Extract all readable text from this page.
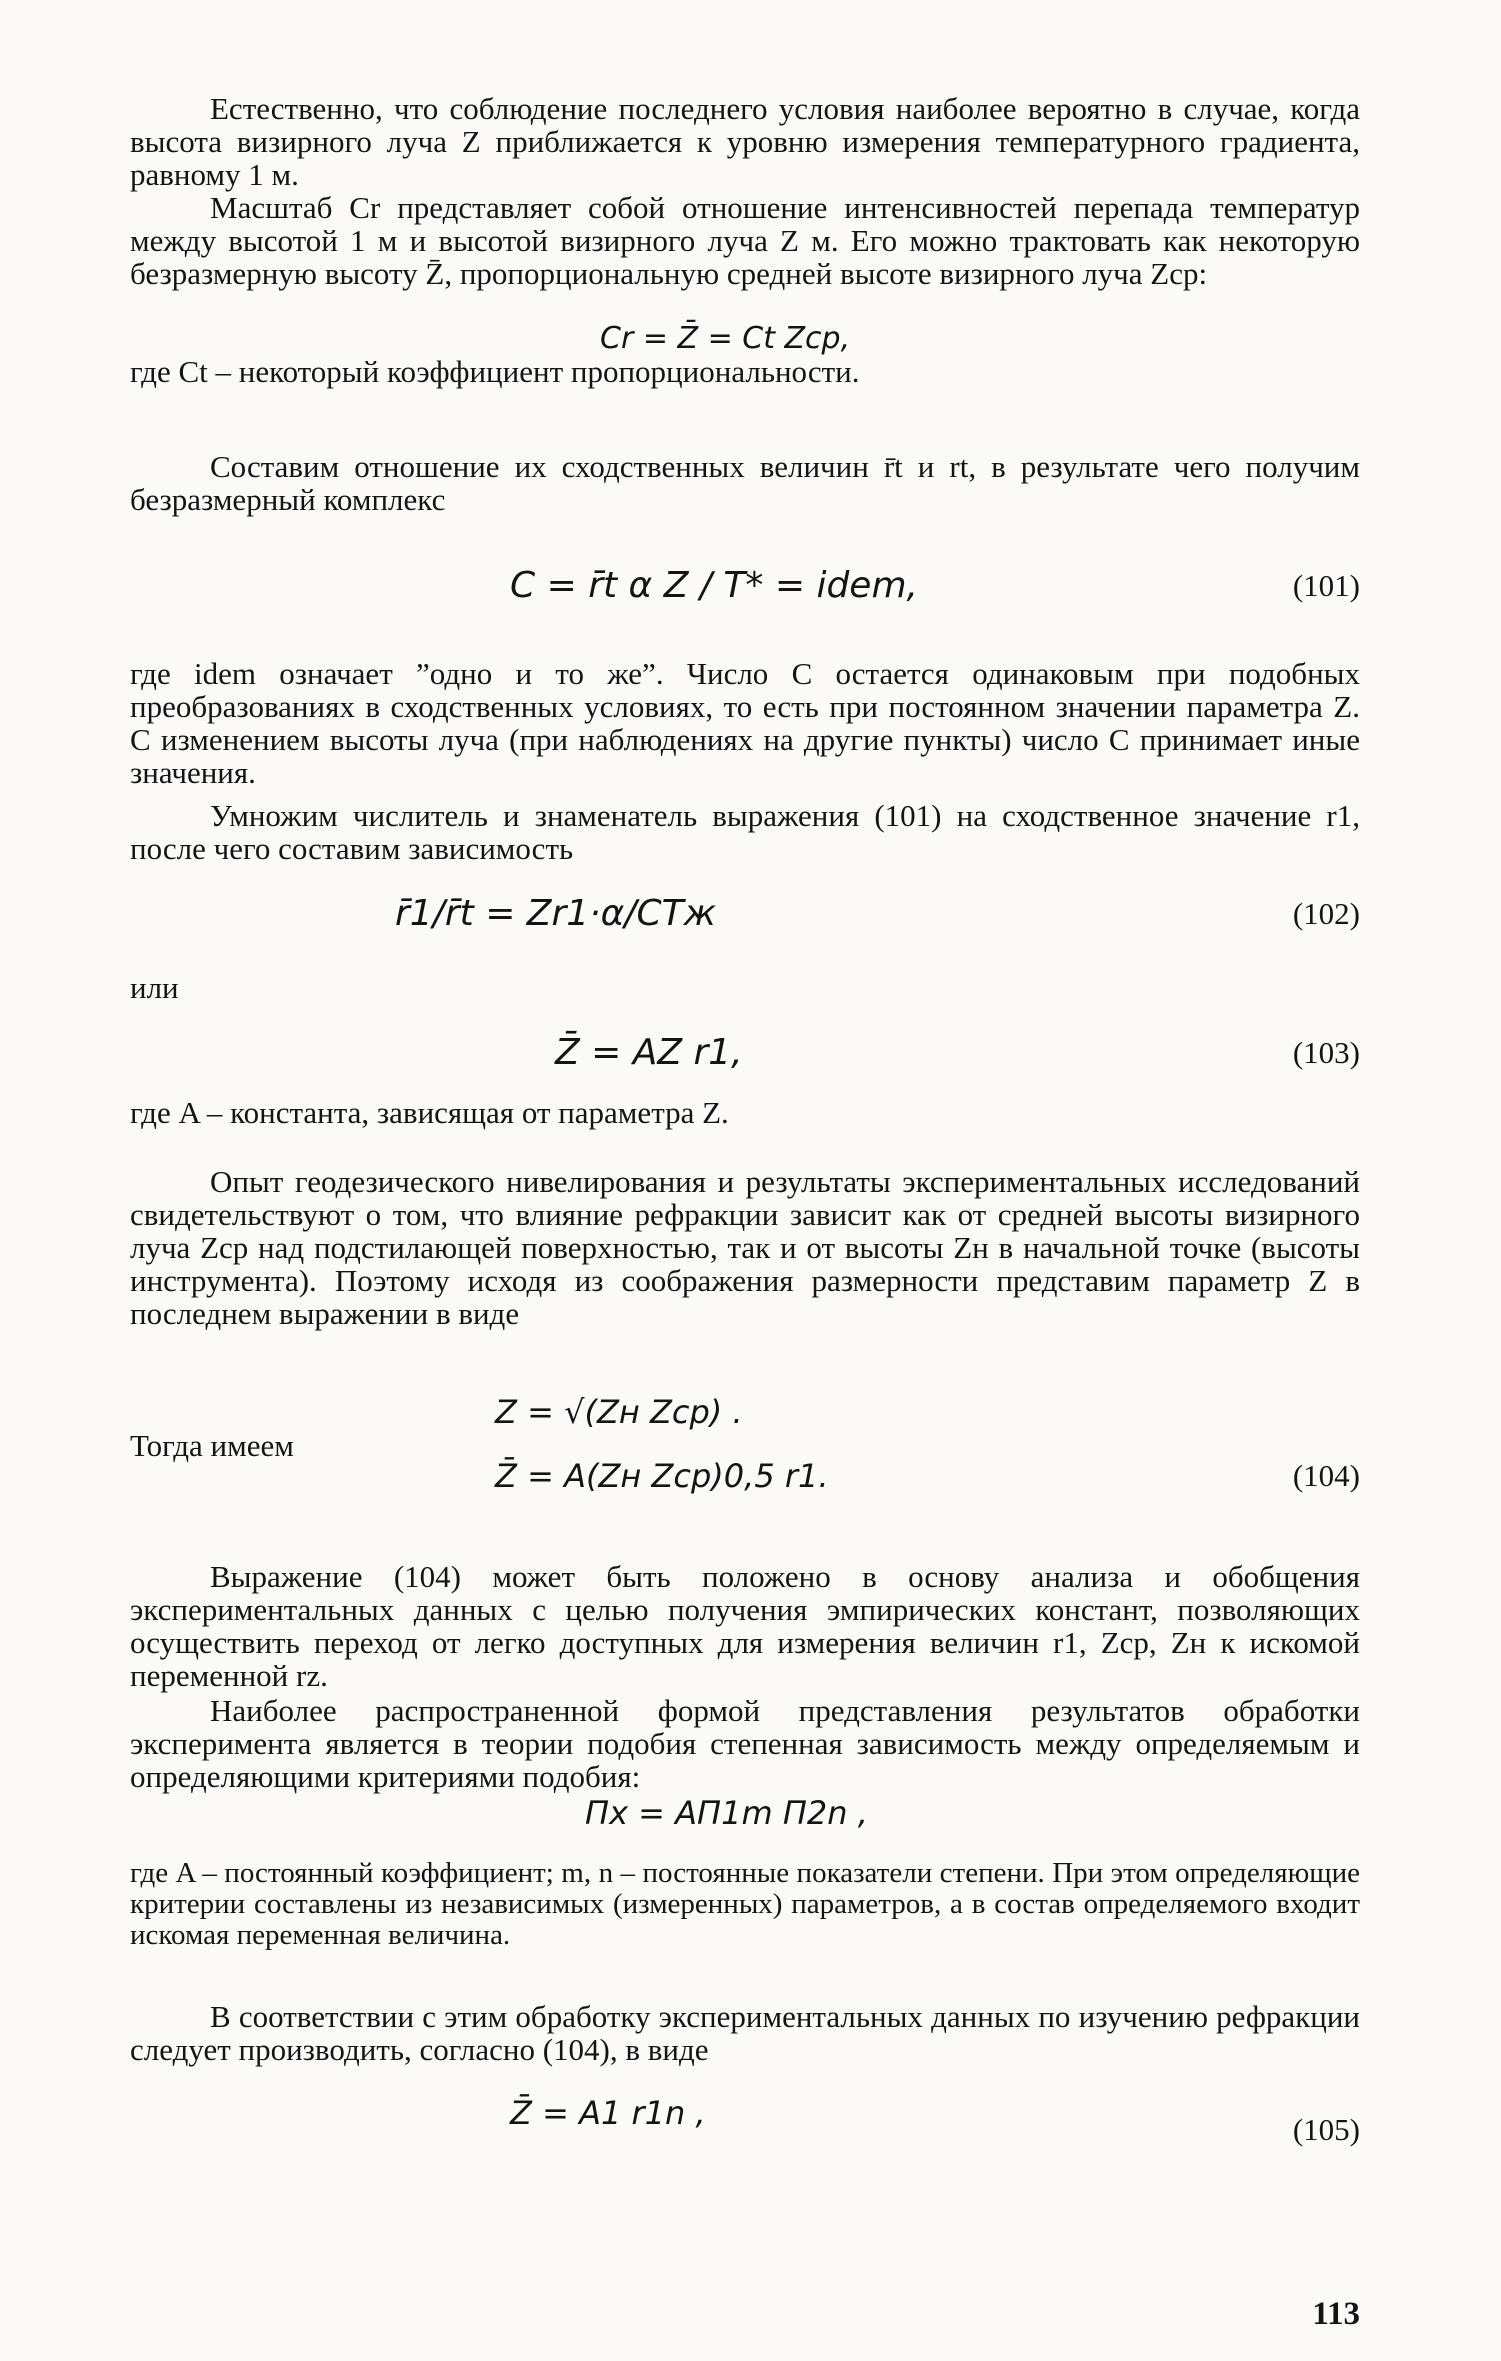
Естественно, что соблюдение последнего условия наиболее вероятно в случае, когда высота визирного луча Z приближается к уровню измерения температурного градиента, равному 1 м.

Масштаб Cr представляет собой отношение интенсивностей перепада температур между высотой 1 м и высотой визирного луча Z м. Его можно трактовать как некоторую безразмерную высоту Z̄, пропорциональную средней высоте визирного луча Zср:

Cr = Z̄ = Ct Zср,

где Ct – некоторый коэффициент пропорциональности.

Составим отношение их сходственных величин r̄t и rt, в результате чего получим безразмерный комплекс

C = r̄t α Z / T* = idem,	(101)

где idem означает ”одно и то же”. Число C остается одинаковым при подобных преобразованиях в сходственных условиях, то есть при постоянном значении параметра Z. С изменением высоты луча (при наблюдениях на другие пункты) число C принимает иные значения.

Умножим числитель и знаменатель выражения (101) на сходственное значение r1, после чего составим зависимость

r̄1/r̄t = Zr1·α/CTж	(102)
или
Z̄ = AZ r1,	(103)

где A – константа, зависящая от параметра Z.

Опыт геодезического нивелирования и результаты экспериментальных исследований свидетельствуют о том, что влияние рефракции зависит как от средней высоты визирного луча Zср над подстилающей поверхностью, так и от высоты Zн в начальной точке (высоты инструмента). Поэтому исходя из соображения размерности представим параметр Z в последнем выражении в виде

Z = √(Zн Zср) .
Тогда имеем
Z̄ = A(Zн Zср)0,5 r1.	(104)

Выражение (104) может быть положено в основу анализа и обобщения экспериментальных данных с целью получения эмпирических констант, позволяющих осуществить переход от легко доступных для измерения величин r1, Zср, Zн к искомой переменной rz.

Наиболее распространенной формой представления результатов обработки эксперимента является в теории подобия степенная зависимость между определяемым и определяющими критериями подобия:

Пx = AП1m П2n ,

где A – постоянный коэффициент; m, n – постоянные показатели степени. При этом определяющие критерии составлены из независимых (измеренных) параметров, а в состав определяемого входит искомая переменная величина.

В соответствии с этим обработку экспериментальных данных по изучению рефракции следует производить, согласно (104), в виде

Z̄ = A1 r1n ,	(105)
113
